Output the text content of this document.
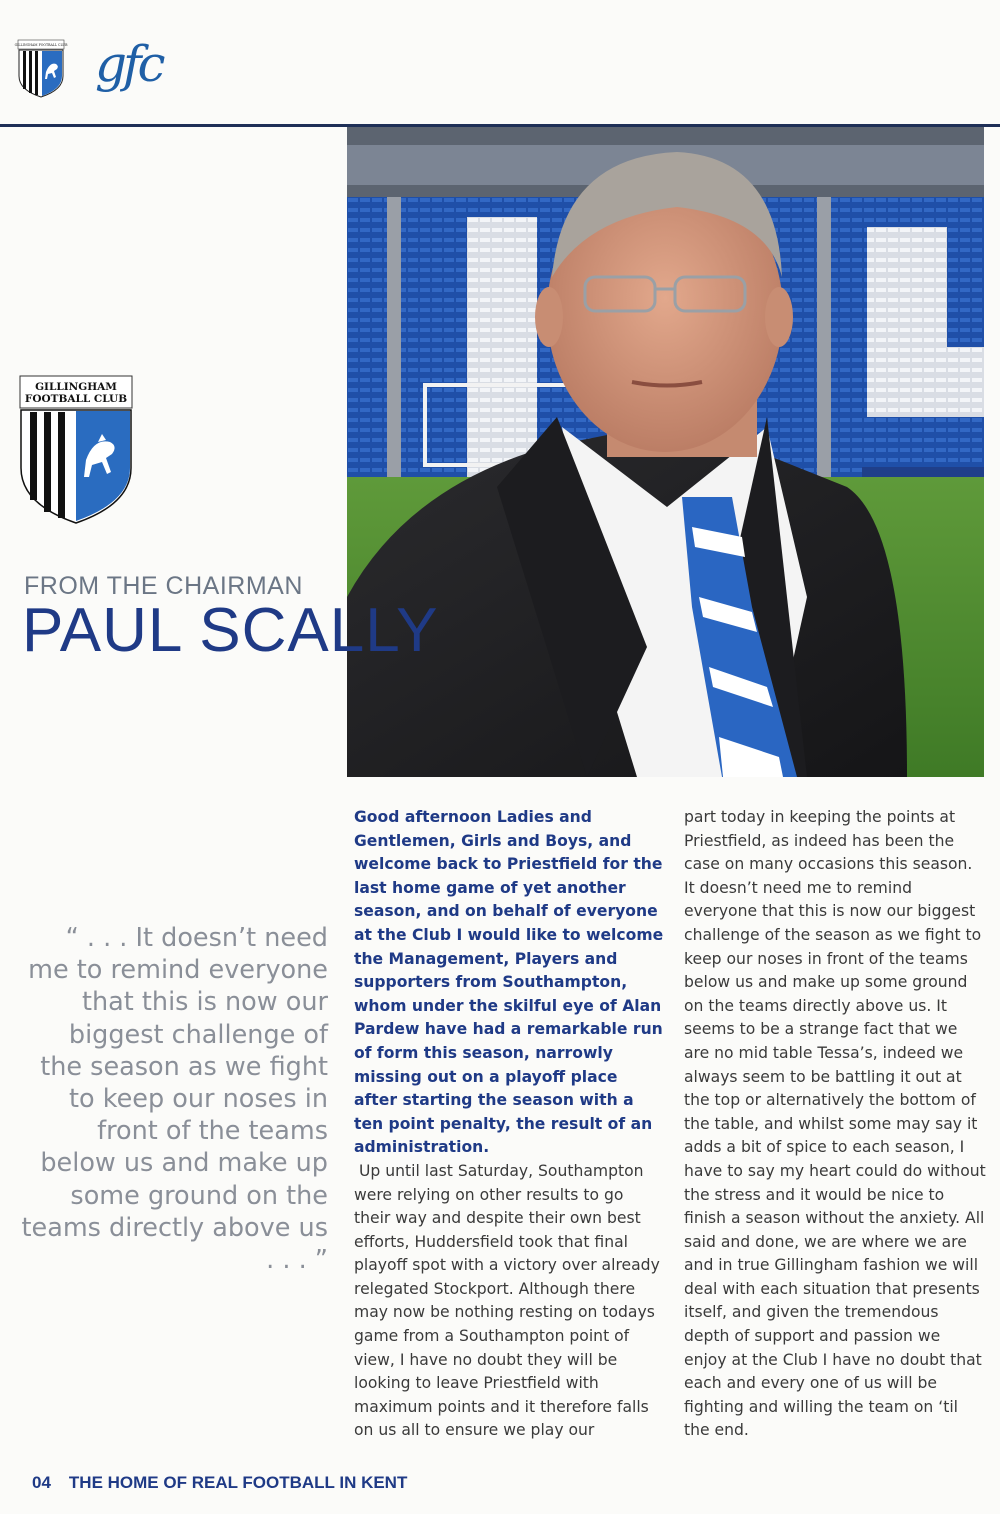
GILLINGHAM FOOTBALL CLUB gfc
GILLINGHAM
FOOTBALL CLUB
FROM THE CHAIRMAN
PAUL SCALLY
“ . . . It doesn’t need me to remind everyone that this is now our biggest challenge of the season as we fight to keep our noses in front of the teams below us and make up some ground on the teams directly above us . . . ”
Good afternoon Ladies and Gentlemen, Girls and Boys, and welcome back to Priestfield for the last home game of yet another season, and on behalf of everyone at the Club I would like to welcome the Management, Players and supporters from Southampton, whom under the skilful eye of Alan Pardew have had a remarkable run of form this season, narrowly missing out on a playoff place after starting the season with a ten point penalty, the result of an administration.
Up until last Saturday, Southampton were relying on other results to go their way and despite their own best efforts, Huddersfield took that final playoff spot with a victory over already relegated Stockport. Although there may now be nothing resting on todays game from a Southampton point of view, I have no doubt they will be looking to leave Priestfield with maximum points and it therefore falls on us all to ensure we play our
part today in keeping the points at Priestfield, as indeed has been the case on many occasions this season. It doesn’t need me to remind everyone that this is now our biggest challenge of the season as we fight to keep our noses in front of the teams below us and make up some ground on the teams directly above us. It seems to be a strange fact that we are no mid table Tessa’s, indeed we always seem to be battling it out at the top or alternatively the bottom of the table, and whilst some may say it adds a bit of spice to each season, I have to say my heart could do without the stress and it would be nice to finish a season without the anxiety. All said and done, we are where we are and in true Gillingham fashion we will deal with each situation that presents itself, and given the tremendous depth of support and passion we enjoy at the Club I have no doubt that each and every one of us will be fighting and willing the team on ‘til the end.
04 THE HOME OF REAL FOOTBALL IN KENT
